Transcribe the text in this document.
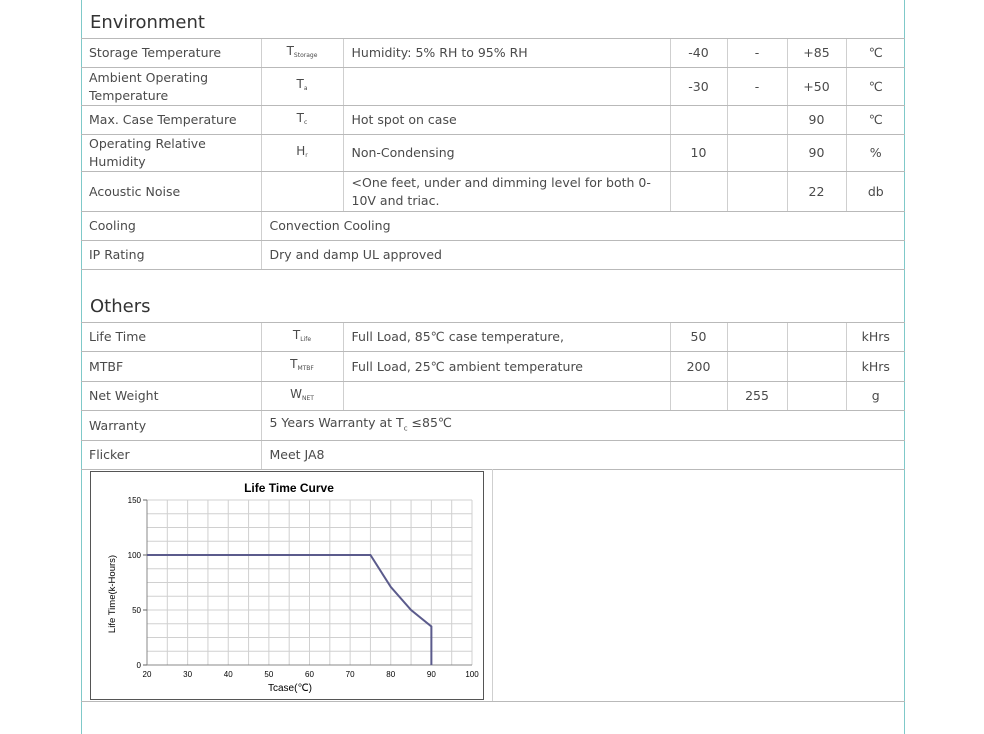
Environment
Storage Temperature	$T_{Storage}$	Humidity: 5% RH to 95% RH	-40	-	+85	℃
Ambient Operating Temperature	$T_a$		-30	-	+50	℃
Max. Case Temperature	$T_c$	Hot spot on case			90	℃
Operating Relative Humidity	$H_r$	Non-Condensing	10		90	%
Acoustic Noise		<One feet, under and dimming level for both 0-10V and triac.			22	db
Cooling	Convection Cooling					
IP Rating	Dry and damp UL approved					
Others
Life Time	$T_{Life}$	Full Load, 85℃ case temperature,	50			kHrs
MTBF	$T_{MTBF}$	Full Load, 25℃ ambient temperature	200			kHrs
Net Weight	$W_{NET}$			255		g
Warranty	5 Years Warranty at $T_c$ ≤85℃					
Flicker	Meet JA8					
Life Time Curve
Tcase(℃)
Life Time(k-Hours)
20	30	40	50	60	70	80	90	100
0
50
100
150
